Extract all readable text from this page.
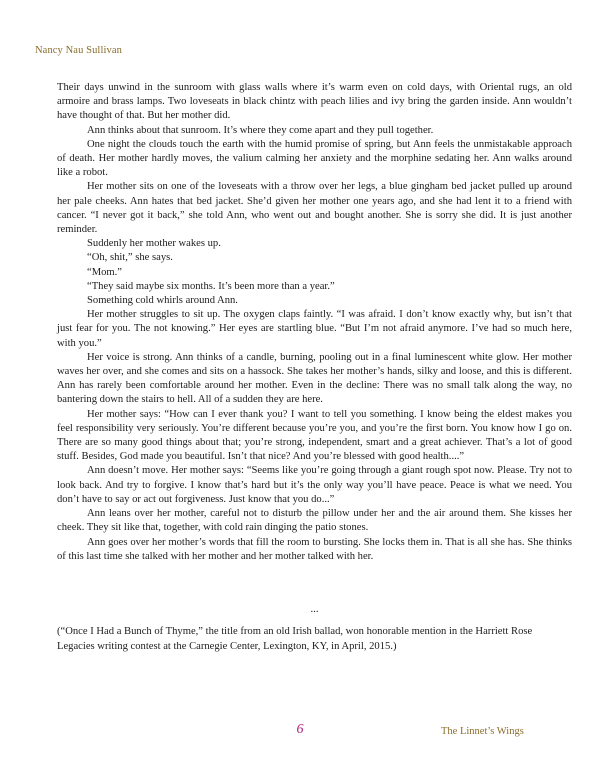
Nancy Nau Sullivan

Their days unwind in the sunroom with glass walls where it’s warm even on cold days, with Oriental rugs, an old armoire and brass lamps. Two loveseats in black chintz with peach lilies and ivy bring the garden inside. Ann wouldn’t have thought of that. But her mother did.

Ann thinks about that sunroom. It’s where they come apart and they pull together.

One night the clouds touch the earth with the humid promise of spring, but Ann feels the unmistakable approach of death. Her mother hardly moves, the valium calming her anxiety and the morphine sedating her. Ann walks around like a robot.

Her mother sits on one of the loveseats with a throw over her legs, a blue gingham bed jacket pulled up around her pale cheeks. Ann hates that bed jacket. She’d given her mother one years ago, and she had lent it to a friend with cancer. “I never got it back,” she told Ann, who went out and bought another. She is sorry she did. It is just another reminder.

Suddenly her mother wakes up.

“Oh, shit,” she says.

“Mom.”

“They said maybe six months. It’s been more than a year.”

Something cold whirls around Ann.

Her mother struggles to sit up. The oxygen claps faintly. “I was afraid. I don’t know exactly why, but isn’t that just fear for you. The not knowing.” Her eyes are startling blue. “But I’m not afraid anymore. I’ve had so much here, with you.”

Her voice is strong. Ann thinks of a candle, burning, pooling out in a final luminescent white glow. Her mother waves her over, and she comes and sits on a hassock. She takes her mother’s hands, silky and loose, and this is different. Ann has rarely been comfortable around her mother. Even in the decline: There was no small talk along the way, no bantering down the stairs to hell. All of a sudden they are here.

Her mother says: “How can I ever thank you? I want to tell you something. I know being the eldest makes you feel responsibility very seriously. You’re different because you’re you, and you’re the first born. You know how I go on. There are so many good things about that; you’re strong, independent, smart and a great achiever. That’s a lot of good stuff. Besides, God made you beautiful. Isn’t that nice? And you’re blessed with good health....”

Ann doesn’t move. Her mother says: “Seems like you’re going through a giant rough spot now. Please. Try not to look back. And try to forgive. I know that’s hard but it’s the only way you’ll have peace. Peace is what we need. You don’t have to say or act out forgiveness. Just know that you do...”

Ann leans over her mother, careful not to disturb the pillow under her and the air around them. She kisses her cheek. They sit like that, together, with cold rain dinging the patio stones.

Ann goes over her mother’s words that fill the room to bursting. She locks them in. That is all she has. She thinks of this last time she talked with her mother and her mother talked with her.

...
(“Once I Had a Bunch of Thyme,” the title from an old Irish ballad, won honorable mention in the Harriett Rose Legacies writing contest at the Carnegie Center, Lexington, KY, in April, 2015.)
6	The Linnet’s Wings
